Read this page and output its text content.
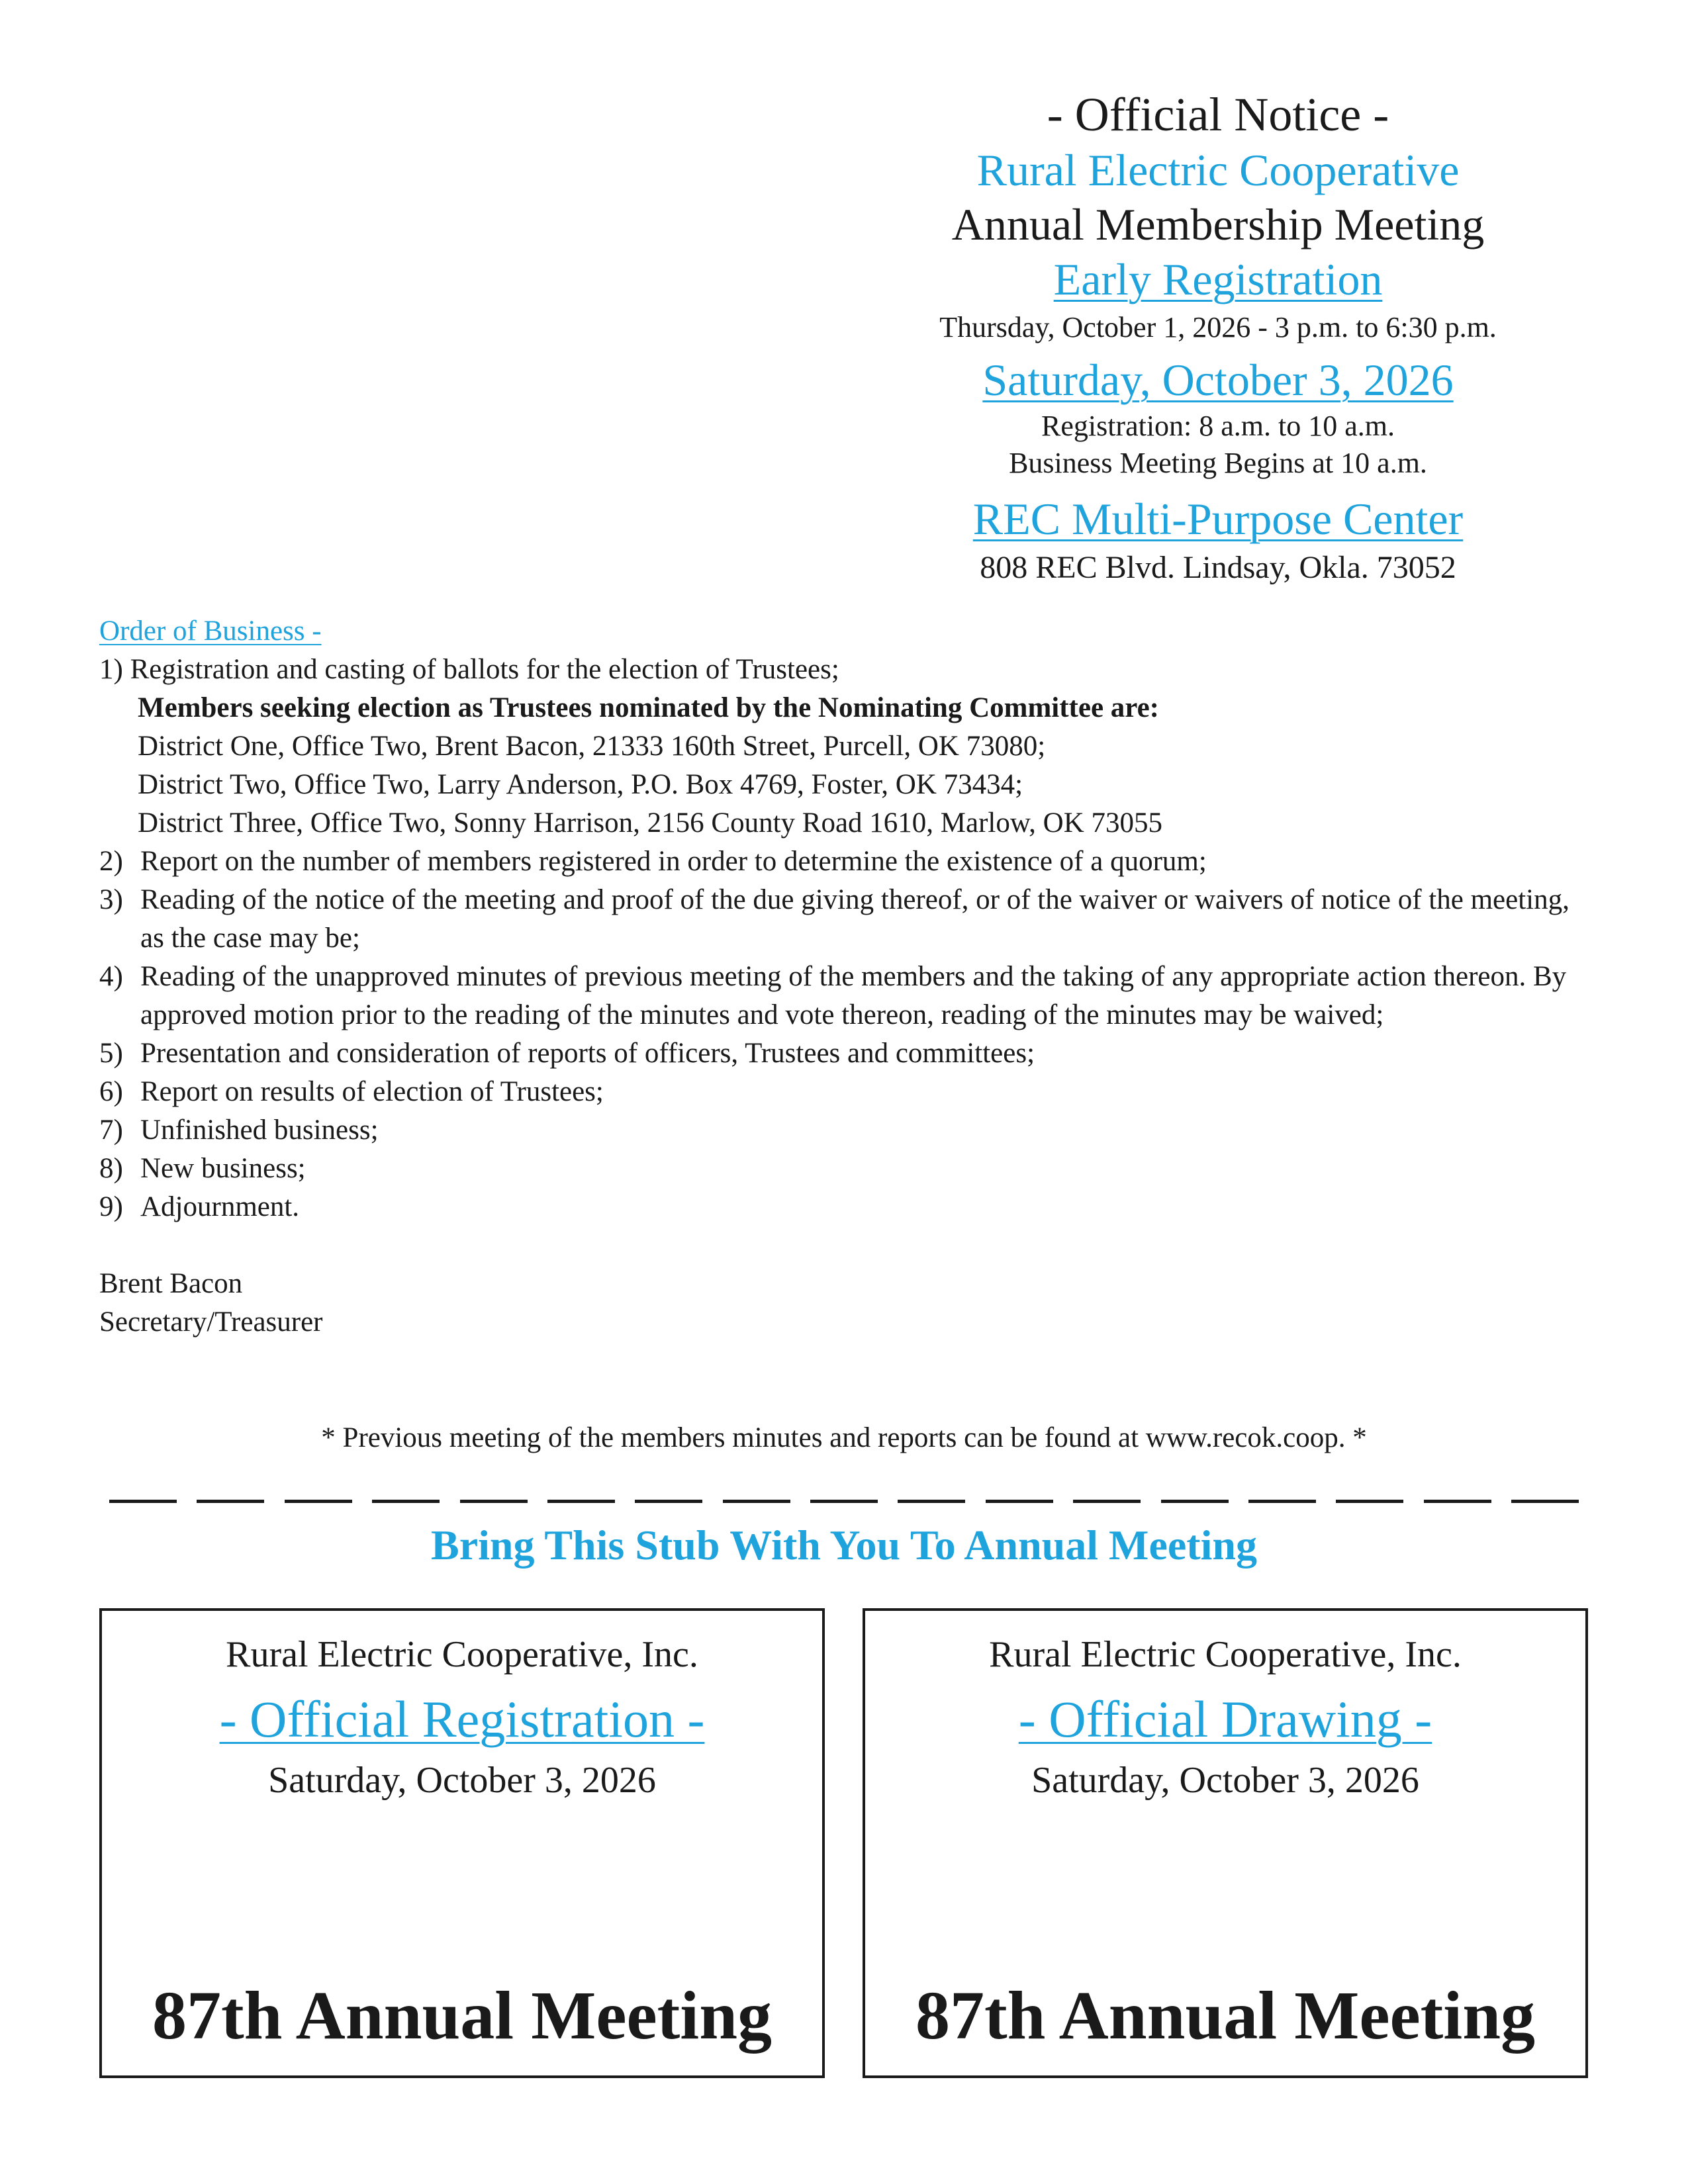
- Official Notice -
Rural Electric Cooperative
Annual Membership Meeting
Early Registration
Thursday, October 1, 2026 - 3 p.m. to 6:30 p.m.
Saturday, October 3, 2026
Registration: 8 a.m. to 10 a.m.
Business Meeting Begins at 10 a.m.
REC Multi-Purpose Center
808 REC Blvd. Lindsay, Okla. 73052
Order of Business -
1) Registration and casting of ballots for the election of Trustees;
Members seeking election as Trustees nominated by the Nominating Committee are:
District One, Office Two, Brent Bacon, 21333 160th Street, Purcell, OK 73080;
District Two, Office Two, Larry Anderson, P.O. Box 4769, Foster, OK 73434;
District Three, Office Two, Sonny Harrison, 2156 County Road 1610, Marlow, OK 73055
2) Report on the number of members registered in order to determine the existence of a quorum;
3) Reading of the notice of the meeting and proof of the due giving thereof, or of the waiver or waivers of notice of the meeting, as the case may be;
4) Reading of the unapproved minutes of previous meeting of the members and the taking of any appropriate action thereon. By approved motion prior to the reading of the minutes and vote thereon, reading of the minutes may be waived;
5) Presentation and consideration of reports of officers, Trustees and committees;
6) Report on results of election of Trustees;
7) Unfinished business;
8) New business;
9) Adjournment.
Brent Bacon
Secretary/Treasurer
* Previous meeting of the members minutes and reports can be found at www.recok.coop. *
Bring This Stub With You To Annual Meeting
Rural Electric Cooperative, Inc.
- Official Registration -
Saturday, October 3, 2026
87th Annual Meeting
Rural Electric Cooperative, Inc.
- Official Drawing -
Saturday, October 3, 2026
87th Annual Meeting
